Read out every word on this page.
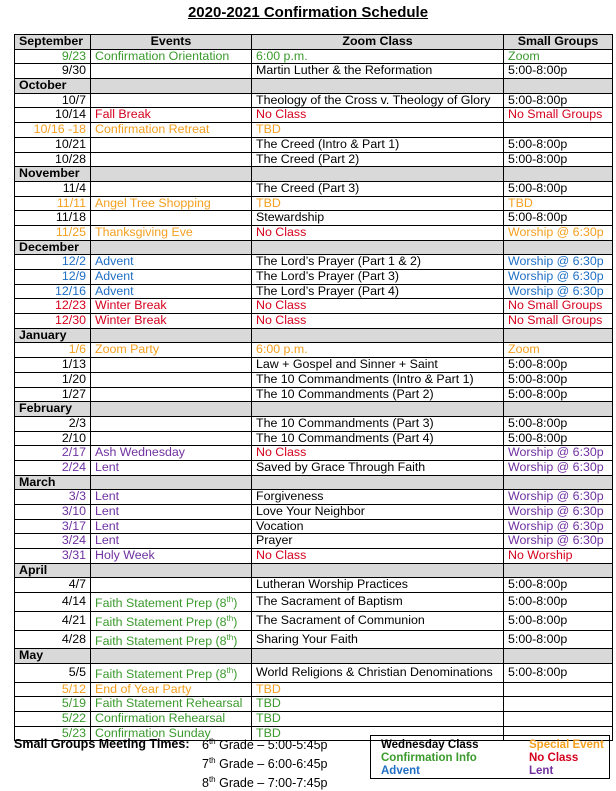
2020-2021 Confirmation Schedule
September	Events	Zoom Class	Small Groups
9/23	Confirmation Orientation	6:00 p.m.	Zoom
9/30		Martin Luther & the Reformation	5:00-8:00p
October			
10/7		Theology of the Cross v. Theology of Glory	5:00-8:00p
10/14	Fall Break	No Class	No Small Groups
10/16 -18	Confirmation Retreat	TBD	
10/21		The Creed (Intro & Part 1)	5:00-8:00p
10/28		The Creed (Part 2)	5:00-8:00p
November			
11/4		The Creed (Part 3)	5:00-8:00p
11/11	Angel Tree Shopping	TBD	TBD
11/18		Stewardship	5:00-8:00p
11/25	Thanksgiving Eve	No Class	Worship @ 6:30p
December			
12/2	Advent	The Lord’s Prayer (Part 1 & 2)	Worship @ 6:30p
12/9	Advent	The Lord’s Prayer (Part 3)	Worship @ 6:30p
12/16	Advent	The Lord’s Prayer (Part 4)	Worship @ 6:30p
12/23	Winter Break	No Class	No Small Groups
12/30	Winter Break	No Class	No Small Groups
January			
1/6	Zoom Party	6:00 p.m.	Zoom
1/13		Law + Gospel and Sinner + Saint	5:00-8:00p
1/20		The 10 Commandments (Intro & Part 1)	5:00-8:00p
1/27		The 10 Commandments (Part 2)	5:00-8:00p
February			
2/3		The 10 Commandments (Part 3)	5:00-8:00p
2/10		The 10 Commandments (Part 4)	5:00-8:00p
2/17	Ash Wednesday	No Class	Worship @ 6:30p
2/24	Lent	Saved by Grace Through Faith	Worship @ 6:30p
March			
3/3	Lent	Forgiveness	Worship @ 6:30p
3/10	Lent	Love Your Neighbor	Worship @ 6:30p
3/17	Lent	Vocation	Worship @ 6:30p
3/24	Lent	Prayer	Worship @ 6:30p
3/31	Holy Week	No Class	No Worship
April			
4/7		Lutheran Worship Practices	5:00-8:00p
4/14	Faith Statement Prep (8th)	The Sacrament of Baptism	5:00-8:00p
4/21	Faith Statement Prep (8th)	The Sacrament of Communion	5:00-8:00p
4/28	Faith Statement Prep (8th)	Sharing Your Faith	5:00-8:00p
May			
5/5	Faith Statement Prep (8th)	World Religions & Christian Denominations	5:00-8:00p
5/12	End of Year Party	TBD	
5/19	Faith Statement Rehearsal	TBD	
5/22	Confirmation Rehearsal	TBD	
5/23	Confirmation Sunday	TBD	
Small Groups Meeting Times: 6th Grade – 5:00-5:45p
7th Grade – 6:00-6:45p
8th Grade – 7:00-7:45p
Wednesday Class	Special Event
Confirmation Info	No Class
Advent	Lent
